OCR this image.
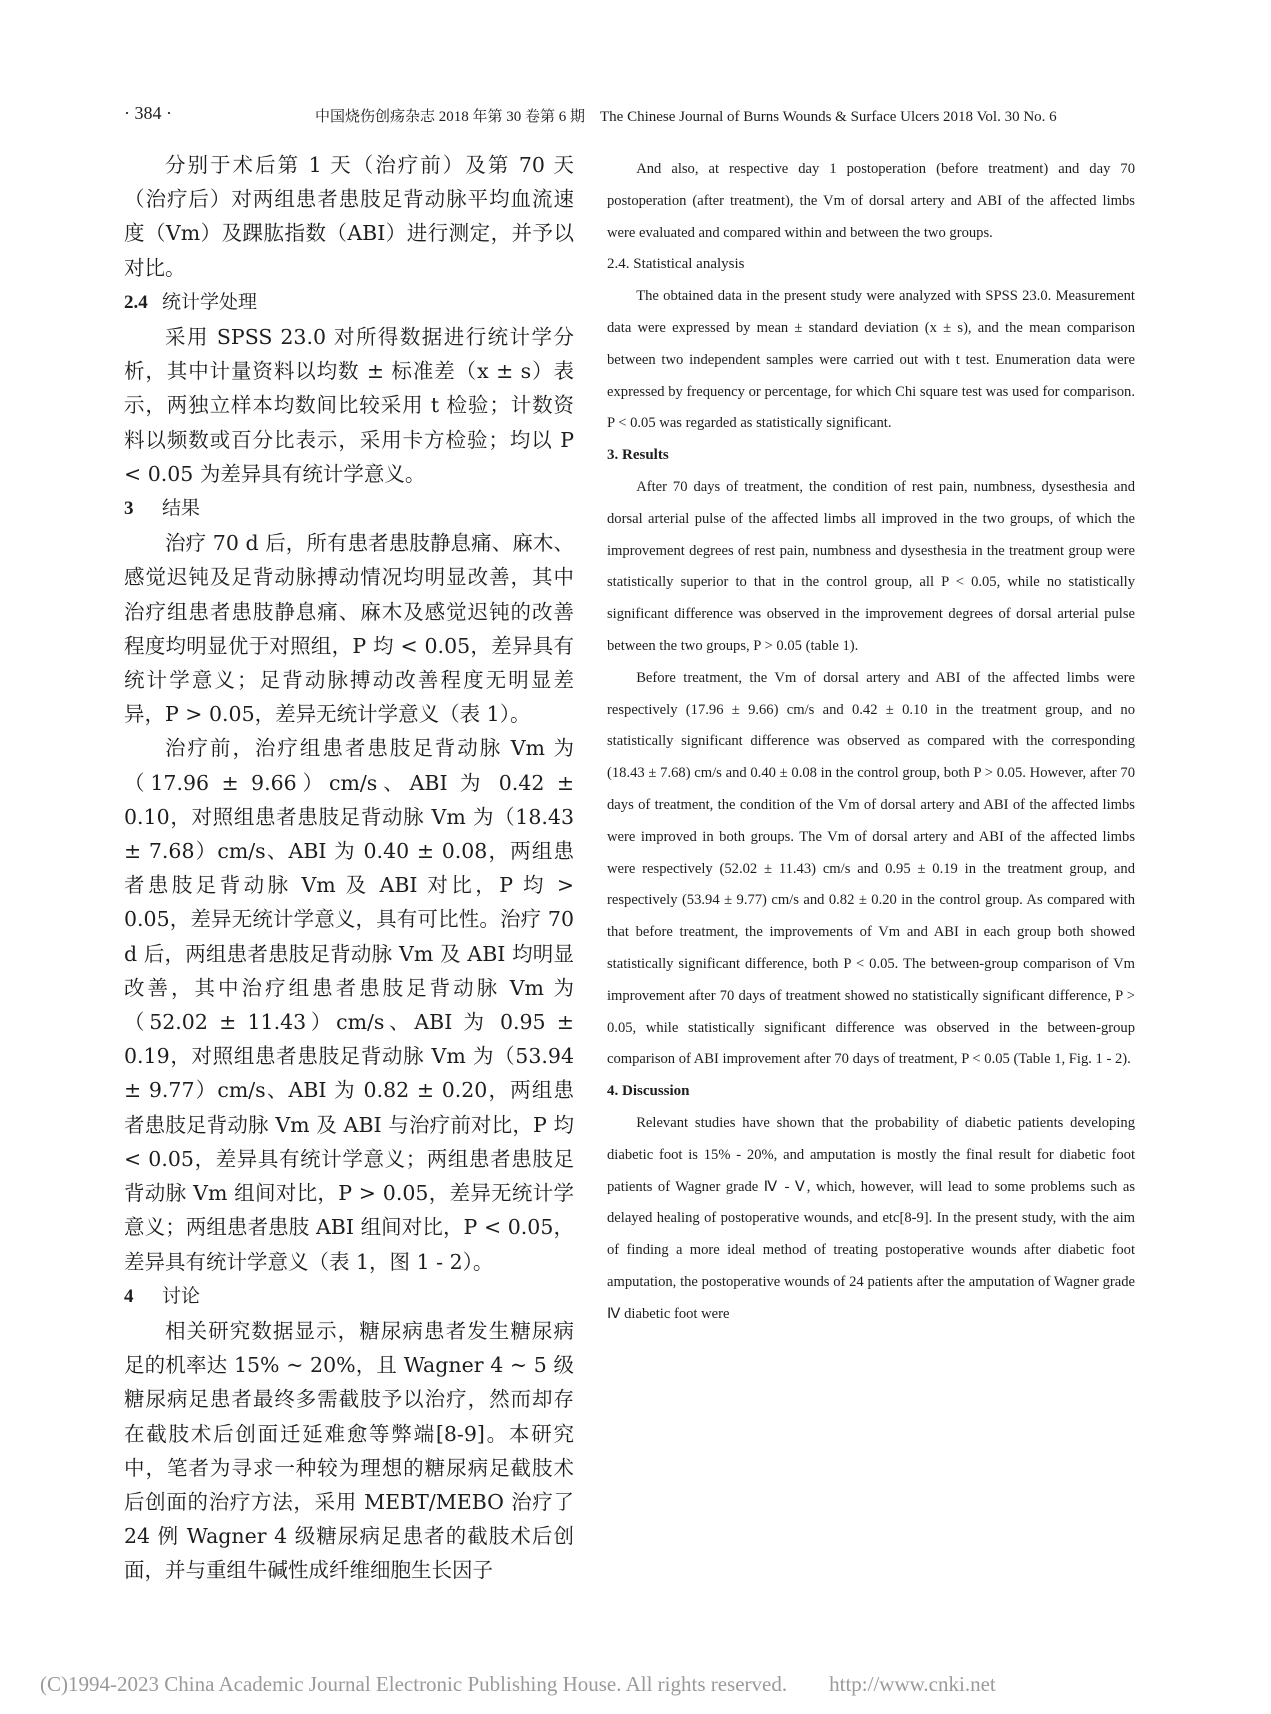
· 384 ·	中国烧伤创疡杂志 2018 年第 30 卷第 6 期　The Chinese Journal of Burns Wounds & Surface Ulcers 2018 Vol. 30 No. 6

分别于术后第 1 天（治疗前）及第 70 天（治疗后）对两组患者患肢足背动脉平均血流速度（Vm）及踝肱指数（ABI）进行测定，并予以对比。

2.4 统计学处理

采用 SPSS 23.0 对所得数据进行统计学分析，其中计量资料以均数 ± 标准差（x ± s）表示，两独立样本均数间比较采用 t 检验；计数资料以频数或百分比表示，采用卡方检验；均以 P < 0.05 为差异具有统计学意义。

3 结果

治疗 70 d 后，所有患者患肢静息痛、麻木、感觉迟钝及足背动脉搏动情况均明显改善，其中治疗组患者患肢静息痛、麻木及感觉迟钝的改善程度均明显优于对照组，P 均 < 0.05，差异具有统计学意义；足背动脉搏动改善程度无明显差异，P > 0.05，差异无统计学意义（表 1）。

治疗前，治疗组患者患肢足背动脉 Vm 为（17.96 ± 9.66）cm/s、ABI 为 0.42 ± 0.10，对照组患者患肢足背动脉 Vm 为（18.43 ± 7.68）cm/s、ABI 为 0.40 ± 0.08，两组患者患肢足背动脉 Vm 及 ABI 对比，P 均 > 0.05，差异无统计学意义，具有可比性。治疗 70 d 后，两组患者患肢足背动脉 Vm 及 ABI 均明显改善，其中治疗组患者患肢足背动脉 Vm 为（52.02 ± 11.43）cm/s、ABI 为 0.95 ± 0.19，对照组患者患肢足背动脉 Vm 为（53.94 ± 9.77）cm/s、ABI 为 0.82 ± 0.20，两组患者患肢足背动脉 Vm 及 ABI 与治疗前对比，P 均 < 0.05，差异具有统计学意义；两组患者患肢足背动脉 Vm 组间对比，P > 0.05，差异无统计学意义；两组患者患肢 ABI 组间对比，P < 0.05，差异具有统计学意义（表 1，图 1 - 2）。

4 讨论

相关研究数据显示，糖尿病患者发生糖尿病足的机率达 15% ~ 20%，且 Wagner 4 ~ 5 级糖尿病足患者最终多需截肢予以治疗，然而却存在截肢术后创面迁延难愈等弊端[8-9]。本研究中，笔者为寻求一种较为理想的糖尿病足截肢术后创面的治疗方法，采用 MEBT/MEBO 治疗了 24 例 Wagner 4 级糖尿病足患者的截肢术后创面，并与重组牛碱性成纤维细胞生长因子

And also, at respective day 1 postoperation (before treatment) and day 70 postoperation (after treatment), the Vm of dorsal artery and ABI of the affected limbs were evaluated and compared within and between the two groups.

2.4. Statistical analysis

The obtained data in the present study were analyzed with SPSS 23.0. Measurement data were expressed by mean ± standard deviation (x ± s), and the mean comparison between two independent samples were carried out with t test. Enumeration data were expressed by frequency or percentage, for which Chi square test was used for comparison. P < 0.05 was regarded as statistically significant.

3. Results

After 70 days of treatment, the condition of rest pain, numbness, dysesthesia and dorsal arterial pulse of the affected limbs all improved in the two groups, of which the improvement degrees of rest pain, numbness and dysesthesia in the treatment group were statistically superior to that in the control group, all P < 0.05, while no statistically significant difference was observed in the improvement degrees of dorsal arterial pulse between the two groups, P > 0.05 (table 1).

Before treatment, the Vm of dorsal artery and ABI of the affected limbs were respectively (17.96 ± 9.66) cm/s and 0.42 ± 0.10 in the treatment group, and no statistically significant difference was observed as compared with the corresponding (18.43 ± 7.68) cm/s and 0.40 ± 0.08 in the control group, both P > 0.05. However, after 70 days of treatment, the condition of the Vm of dorsal artery and ABI of the affected limbs were improved in both groups. The Vm of dorsal artery and ABI of the affected limbs were respectively (52.02 ± 11.43) cm/s and 0.95 ± 0.19 in the treatment group, and respectively (53.94 ± 9.77) cm/s and 0.82 ± 0.20 in the control group. As compared with that before treatment, the improvements of Vm and ABI in each group both showed statistically significant difference, both P < 0.05. The between-group comparison of Vm improvement after 70 days of treatment showed no statistically significant difference, P > 0.05, while statistically significant difference was observed in the between-group comparison of ABI improvement after 70 days of treatment, P < 0.05 (Table 1, Fig. 1 - 2).

4. Discussion

Relevant studies have shown that the probability of diabetic patients developing diabetic foot is 15% - 20%, and amputation is mostly the final result for diabetic foot patients of Wagner grade Ⅳ - Ⅴ, which, however, will lead to some problems such as delayed healing of postoperative wounds, and etc[8-9]. In the present study, with the aim of finding a more ideal method of treating postoperative wounds after diabetic foot amputation, the postoperative wounds of 24 patients after the amputation of Wagner grade Ⅳ diabetic foot were

(C)1994-2023 China Academic Journal Electronic Publishing House. All rights reserved.　　http://www.cnki.net
